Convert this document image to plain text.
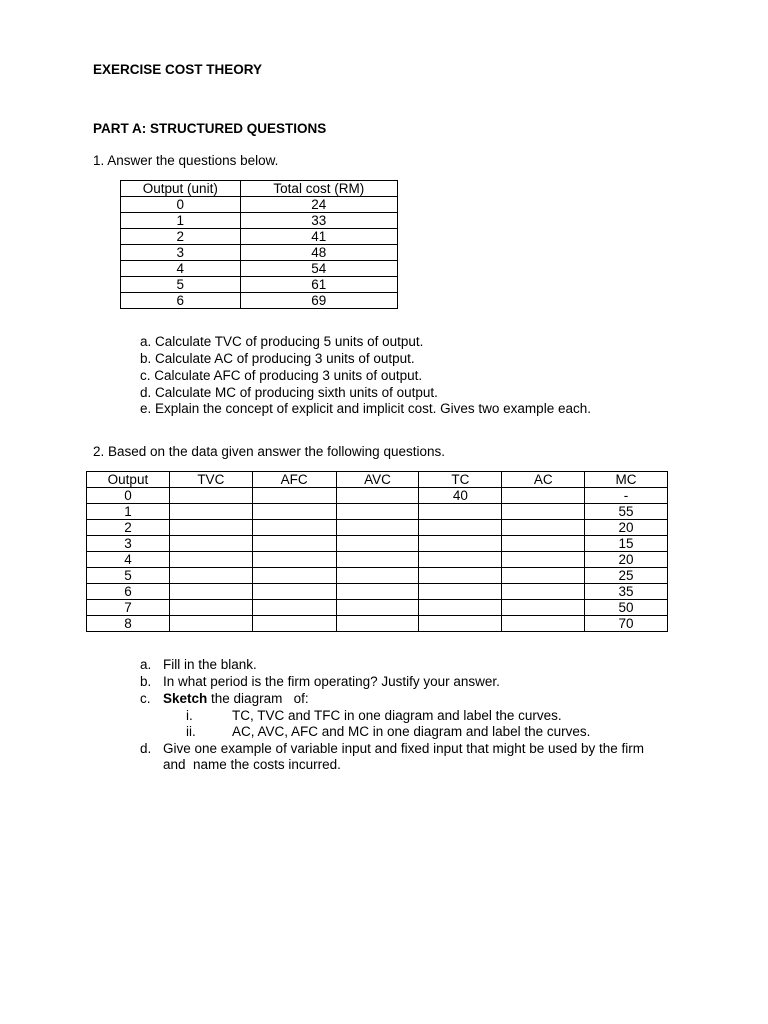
EXERCISE COST THEORY
PART A: STRUCTURED QUESTIONS
1. Answer the questions below.
Output (unit)	Total cost (RM)
0	24
1	33
2	41
3	48
4	54
5	61
6	69
a. Calculate TVC of producing 5 units of output.
b. Calculate AC of producing 3 units of output.
c. Calculate AFC of producing 3 units of output.
d. Calculate MC of producing sixth units of output.
e. Explain the concept of explicit and implicit cost. Gives two example each.
2. Based on the data given answer the following questions.
Output	TVC	AFC	AVC	TC	AC	MC
0				40		-
1						55
2						20
3						15
4						20
5						25
6						35
7						50
8						70
a. Fill in the blank.
b. In what period is the firm operating? Justify your answer.
c. Sketch the diagram   of:
i.	TC, TVC and TFC in one diagram and label the curves.
ii.	AC, AVC, AFC and MC in one diagram and label the curves.
d. Give one example of variable input and fixed input that might be used by the firm
and  name the costs incurred.
